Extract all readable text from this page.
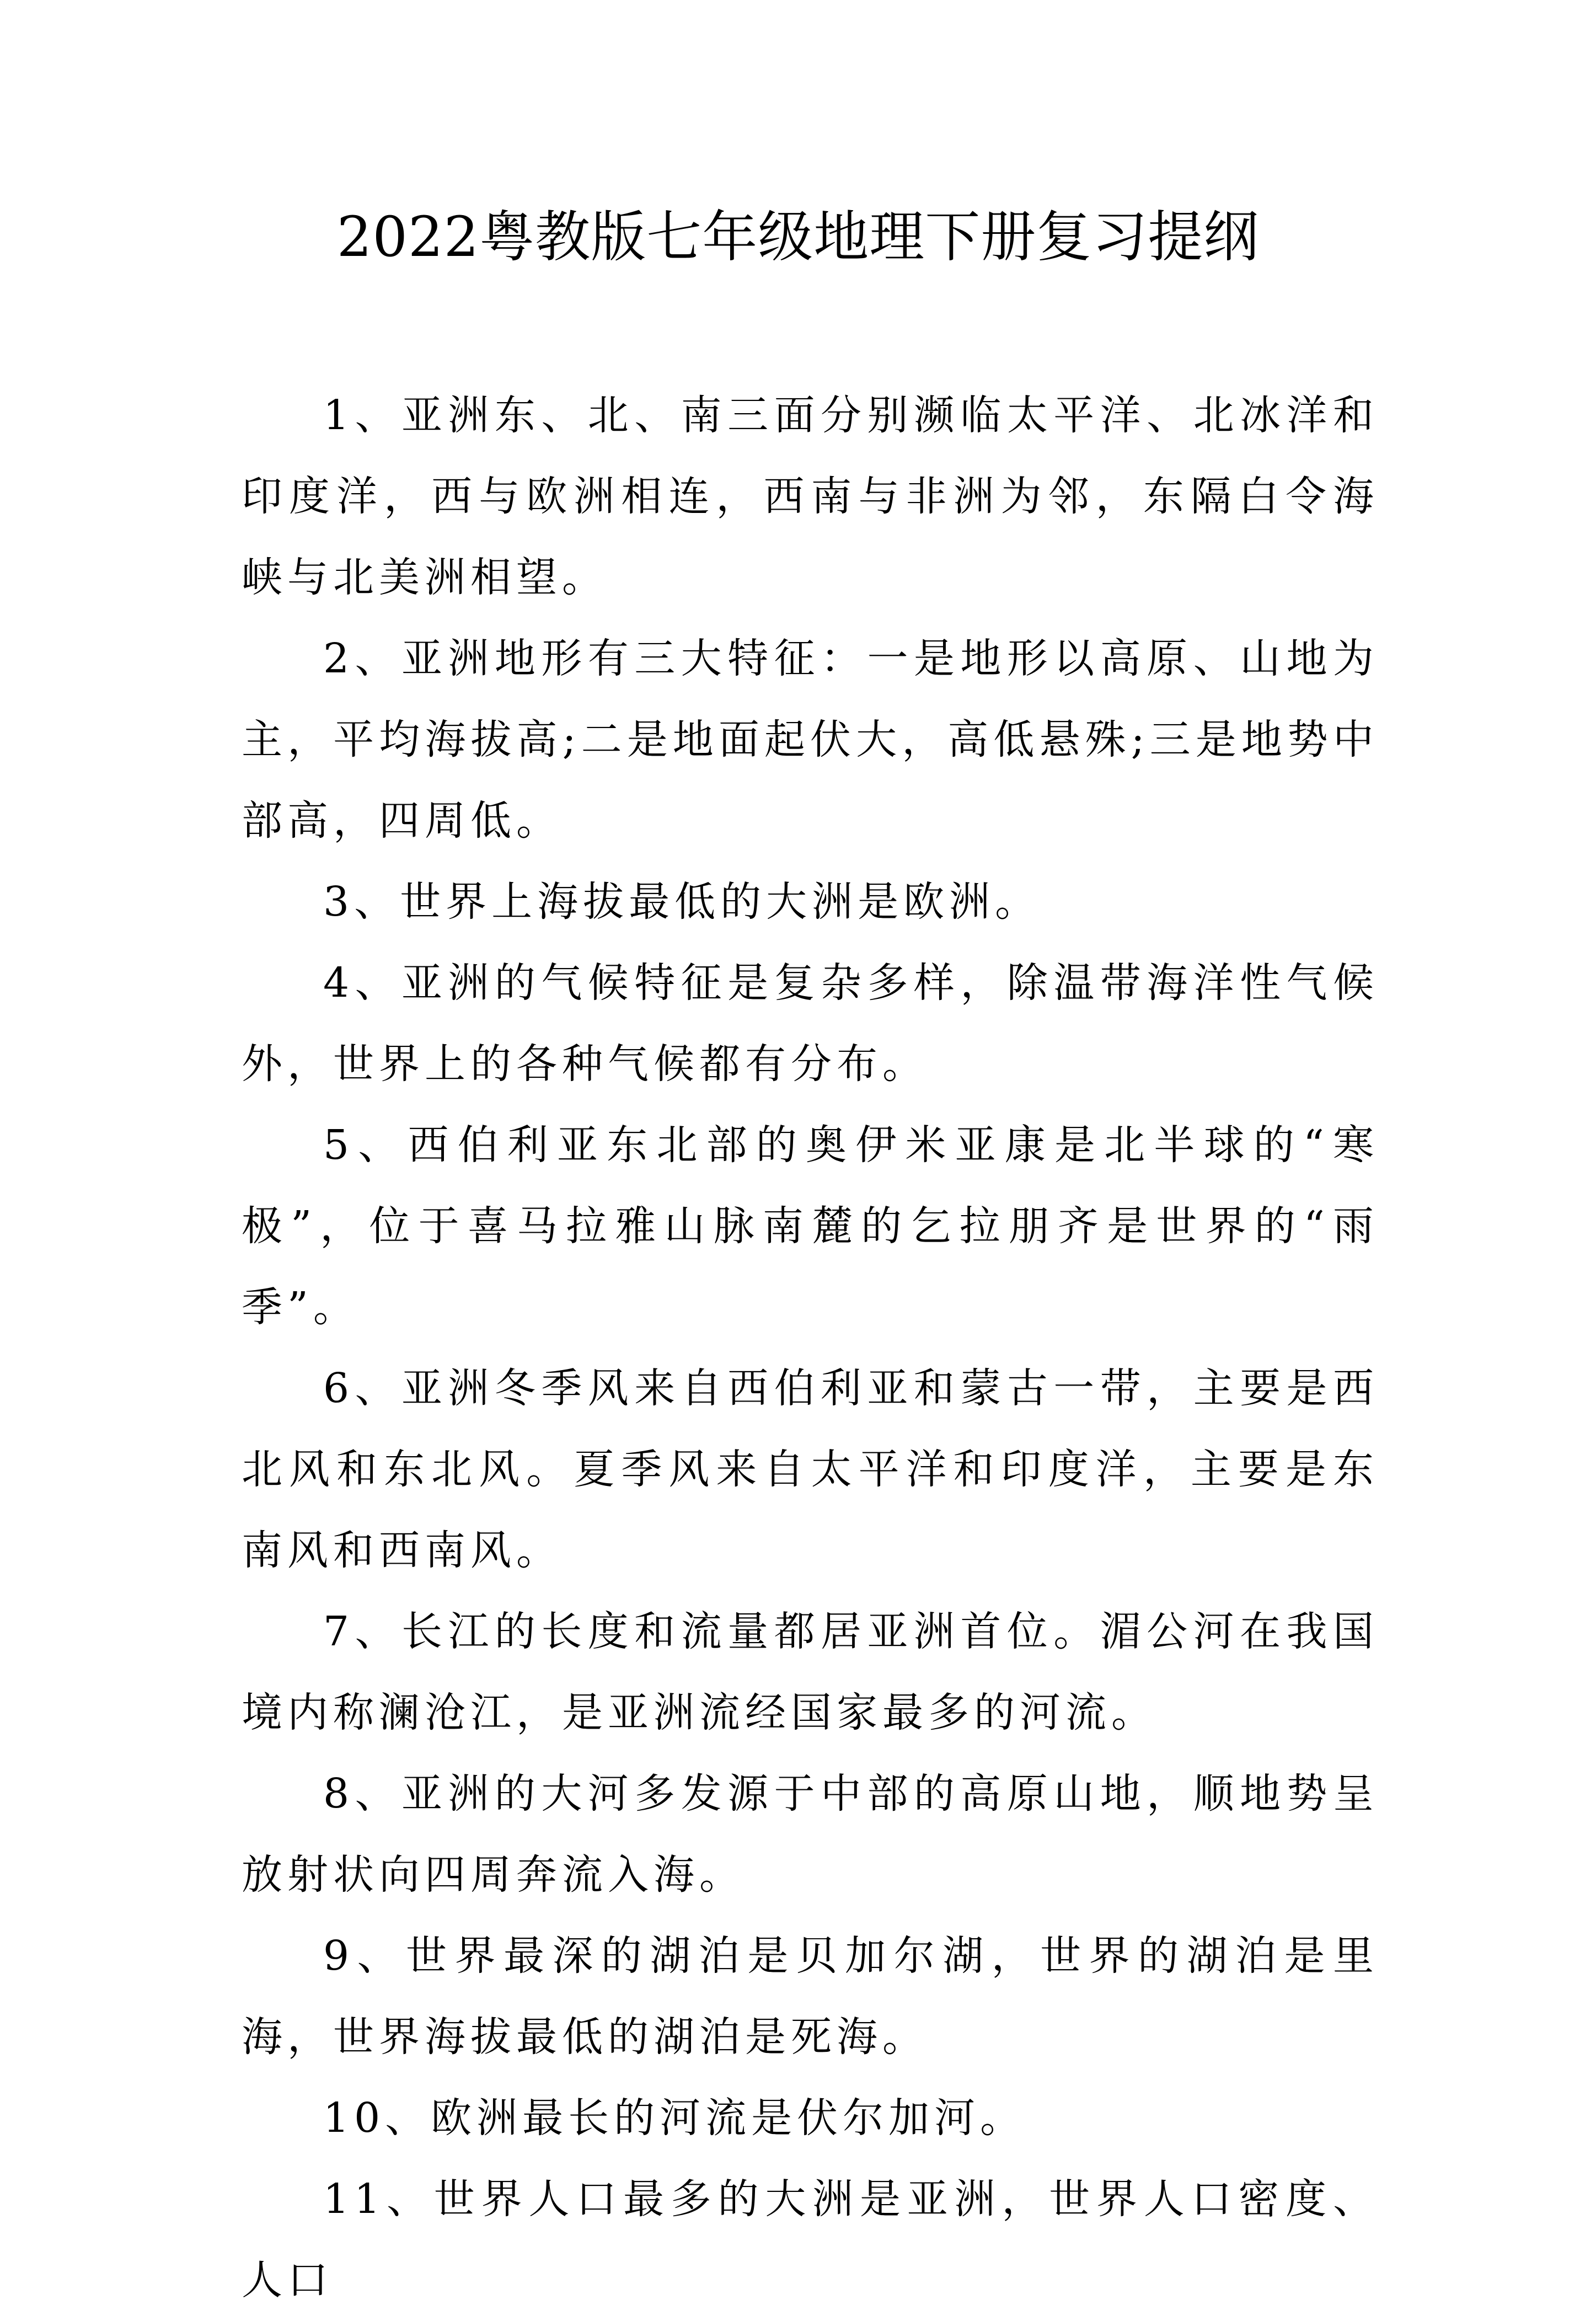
2022粤教版七年级地理下册复习提纲

1、亚洲东、北、南三面分别濒临太平洋、北冰洋和印度洋，西与欧洲相连，西南与非洲为邻，东隔白令海峡与北美洲相望。

2、亚洲地形有三大特征：一是地形以高原、山地为主，平均海拔高;二是地面起伏大，高低悬殊;三是地势中部高，四周低。

3、世界上海拔最低的大洲是欧洲。

4、亚洲的气候特征是复杂多样，除温带海洋性气候外，世界上的各种气候都有分布。

5、西伯利亚东北部的奥伊米亚康是北半球的“寒极”，位于喜马拉雅山脉南麓的乞拉朋齐是世界的“雨季”。

6、亚洲冬季风来自西伯利亚和蒙古一带，主要是西北风和东北风。夏季风来自太平洋和印度洋，主要是东南风和西南风。

7、长江的长度和流量都居亚洲首位。湄公河在我国境内称澜沧江，是亚洲流经国家最多的河流。

8、亚洲的大河多发源于中部的高原山地，顺地势呈放射状向四周奔流入海。

9、世界最深的湖泊是贝加尔湖，世界的湖泊是里海，世界海拔最低的湖泊是死海。

10、欧洲最长的河流是伏尔加河。

11、世界人口最多的大洲是亚洲，世界人口密度、人口
